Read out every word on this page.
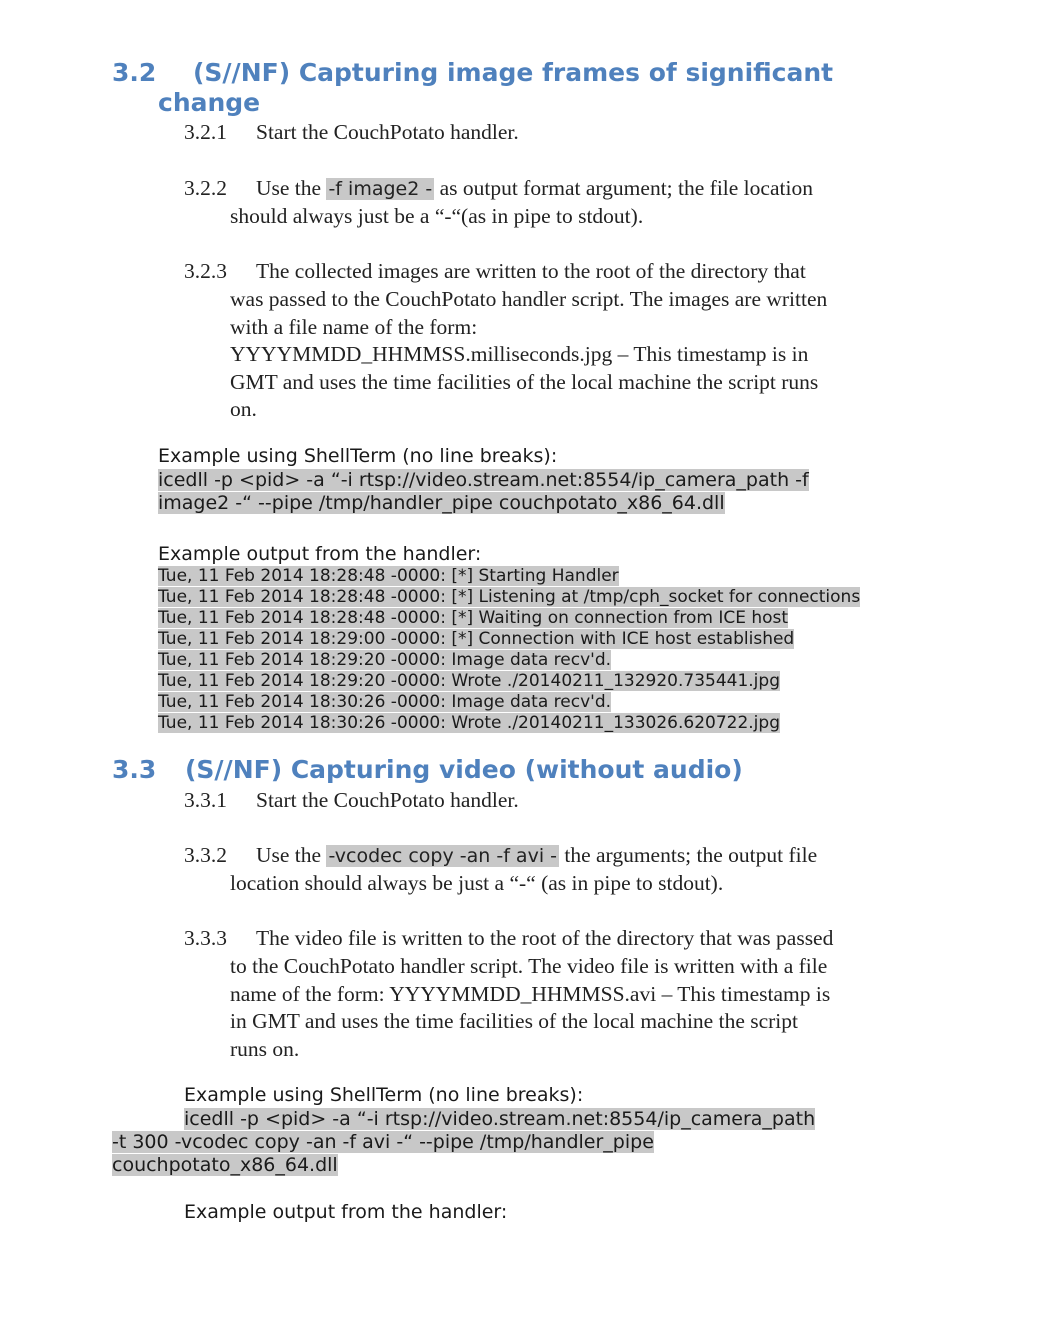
3.2 (S//NF) Capturing image frames of significant
change
3.2.1 Start the CouchPotato handler.
3.2.2 Use the -f image2 - as output format argument; the file location
should always just be a “-“(as in pipe to stdout).
3.2.3 The collected images are written to the root of the directory that
was passed to the CouchPotato handler script. The images are written
with a file name of the form:
YYYYMMDD_HHMMSS.milliseconds.jpg – This timestamp is in
GMT and uses the time facilities of the local machine the script runs
on.
Example using ShellTerm (no line breaks):
icedll -p <pid> -a “-i rtsp://video.stream.net:8554/ip_camera_path -f
image2 -“ --pipe /tmp/handler_pipe couchpotato_x86_64.dll
Example output from the handler:
Tue, 11 Feb 2014 18:28:48 -0000: [*] Starting Handler
Tue, 11 Feb 2014 18:28:48 -0000: [*] Listening at /tmp/cph_socket for connections
Tue, 11 Feb 2014 18:28:48 -0000: [*] Waiting on connection from ICE host
Tue, 11 Feb 2014 18:29:00 -0000: [*] Connection with ICE host established
Tue, 11 Feb 2014 18:29:20 -0000: Image data recv'd.
Tue, 11 Feb 2014 18:29:20 -0000: Wrote ./20140211_132920.735441.jpg
Tue, 11 Feb 2014 18:30:26 -0000: Image data recv'd.
Tue, 11 Feb 2014 18:30:26 -0000: Wrote ./20140211_133026.620722.jpg
3.3 (S//NF) Capturing video (without audio)
3.3.1 Start the CouchPotato handler.
3.3.2 Use the -vcodec copy -an -f avi - the arguments; the output file
location should always be just a “-“ (as in pipe to stdout).
3.3.3 The video file is written to the root of the directory that was passed
to the CouchPotato handler script. The video file is written with a file
name of the form: YYYYMMDD_HHMMSS.avi – This timestamp is
in GMT and uses the time facilities of the local machine the script
runs on.
Example using ShellTerm (no line breaks):
icedll -p <pid> -a “-i rtsp://video.stream.net:8554/ip_camera_path
-t 300 -vcodec copy -an -f avi -“ --pipe /tmp/handler_pipe
couchpotato_x86_64.dll
Example output from the handler:
